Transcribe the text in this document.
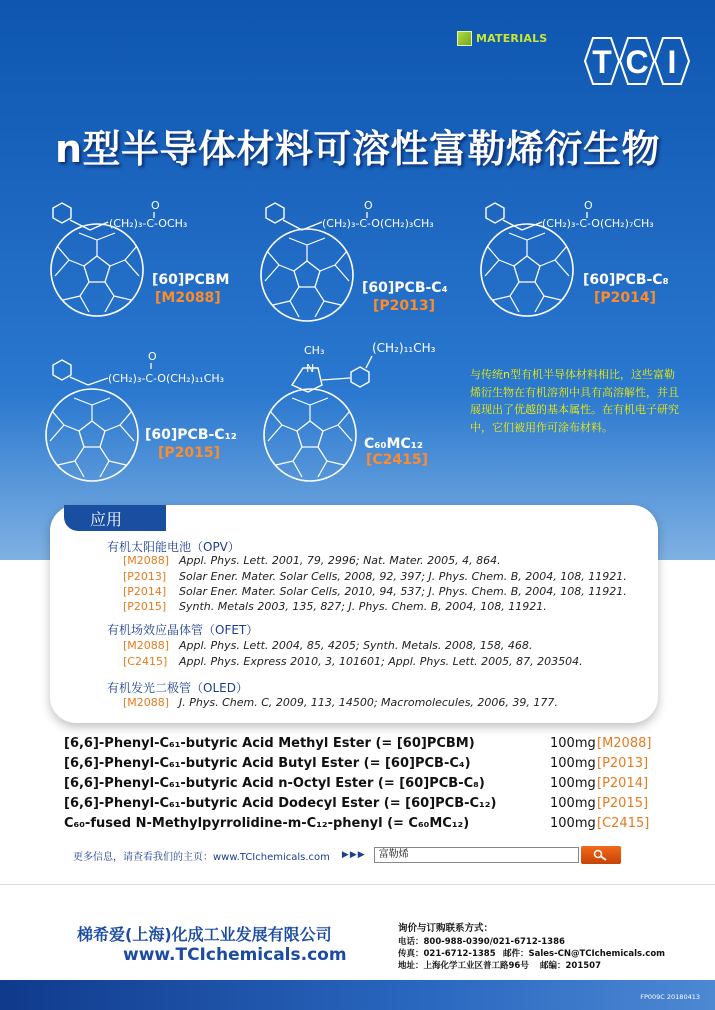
MATERIALS
T C I
n型半导体材料可溶性富勒烯衍生物
O	O	O
O
(CH₂)₃-C-OCH₃
[60]PCBM
[M2088]
(CH₂)₃-C-O(CH₂)₃CH₃
[60]PCB-C₄
[P2013]
(CH₂)₃-C-O(CH₂)₇CH₃
[60]PCB-C₈
[P2014]
(CH₂)₃-C-O(CH₂)₁₁CH₃
[60]PCB-C₁₂
[P2015]
CH₃
N
(CH₂)₁₁CH₃
C₆₀MC₁₂
[C2415]
与传统n型有机半导体材料相比，这些富勒烯衍生物在有机溶剂中具有高溶解性，并且展现出了优越的基本属性。在有机电子研究中，它们被用作可涂布材料。
应用
有机太阳能电池（OPV）
[M2088] Appl. Phys. Lett. 2001, 79, 2996; Nat. Mater. 2005, 4, 864.
[P2013] Solar Ener. Mater. Solar Cells, 2008, 92, 397; J. Phys. Chem. B, 2004, 108, 11921.
[P2014] Solar Ener. Mater. Solar Cells, 2010, 94, 537; J. Phys. Chem. B, 2004, 108, 11921.
[P2015] Synth. Metals 2003, 135, 827; J. Phys. Chem. B, 2004, 108, 11921.
有机场效应晶体管（OFET）
[M2088] Appl. Phys. Lett. 2004, 85, 4205; Synth. Metals. 2008, 158, 468.
[C2415] Appl. Phys. Express 2010, 3, 101601; Appl. Phys. Lett. 2005, 87, 203504.
有机发光二极管（OLED）
[M2088] J. Phys. Chem. C, 2009, 113, 14500; Macromolecules, 2006, 39, 177.
[6,6]-Phenyl-C₆₁-butyric Acid Methyl Ester (= [60]PCBM)	100mg [M2088]
[6,6]-Phenyl-C₆₁-butyric Acid Butyl Ester (= [60]PCB-C₄)	100mg [P2013]
[6,6]-Phenyl-C₆₁-butyric Acid n-Octyl Ester (= [60]PCB-C₈)	100mg [P2014]
[6,6]-Phenyl-C₆₁-butyric Acid Dodecyl Ester (= [60]PCB-C₁₂)	100mg [P2015]
C₆₀-fused N-Methylpyrrolidine-m-C₁₂-phenyl (= C₆₀MC₁₂)	100mg [C2415]
更多信息，请查看我们的主页：www.TCIchemicals.com ▶▶▶	富勒烯
梯希爱(上海)化成工业发展有限公司
www.TCIchemicals.com
询价与订购联系方式：
电话：800-988-0390/021-6712-1386
传真：021-6712-1385 邮件：Sales-CN@TCIchemicals.com
地址：上海化学工业区普工路96号 邮编：201507
FP009C 20180413
